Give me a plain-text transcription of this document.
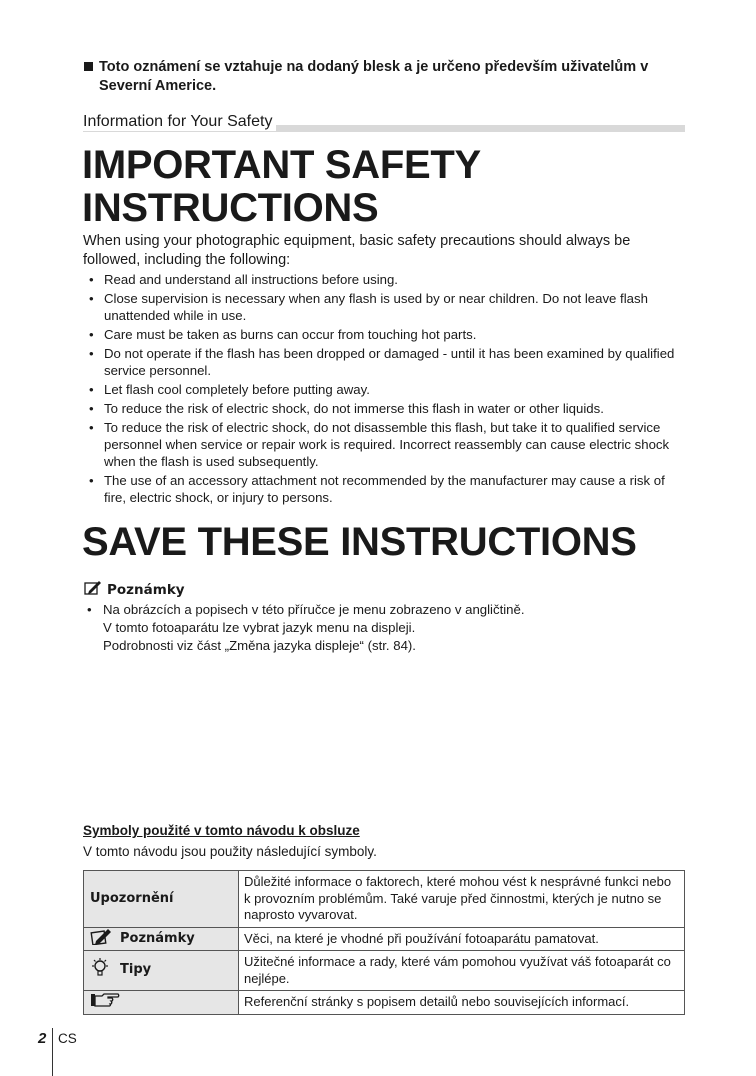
Toto oznámení se vztahuje na dodaný blesk a je určeno především uživatelům v Severní Americe.
Information for Your Safety
IMPORTANT SAFETY
INSTRUCTIONS
When using your photographic equipment, basic safety precautions should always be followed, including the following:
• Read and understand all instructions before using.
• Close supervision is necessary when any flash is used by or near children. Do not leave flash unattended while in use.
• Care must be taken as burns can occur from touching hot parts.
• Do not operate if the flash has been dropped or damaged - until it has been examined by qualified service personnel.
• Let flash cool completely before putting away.
• To reduce the risk of electric shock, do not immerse this flash in water or other liquids.
• To reduce the risk of electric shock, do not disassemble this flash, but take it to qualified service personnel when service or repair work is required. Incorrect reassembly can cause electric shock when the flash is used subsequently.
• The use of an accessory attachment not recommended by the manufacturer may cause a risk of fire, electric shock, or injury to persons.
SAVE THESE INSTRUCTIONS
Poznámky
• Na obrázcích a popisech v této příručce je menu zobrazeno v angličtině.
V tomto fotoaparátu lze vybrat jazyk menu na displeji.
Podrobnosti viz část „Změna jazyka displeje“ (str. 84).
Symboly použité v tomto návodu k obsluze
V tomto návodu jsou použity následující symboly.
Upozornění	Důležité informace o faktorech, které mohou vést k nesprávné funkci nebo k provozním problémům. Také varuje před činnostmi, kterých je nutno se naprosto vyvarovat.

Poznámky	Věci, na které je vhodné při používání fotoaparátu pamatovat.

Tipy	Užitečné informace a rady, které vám pomohou využívat váš fotoaparát co nejlépe.
	Referenční stránky s popisem detailů nebo souvisejících informací.
2 CS
